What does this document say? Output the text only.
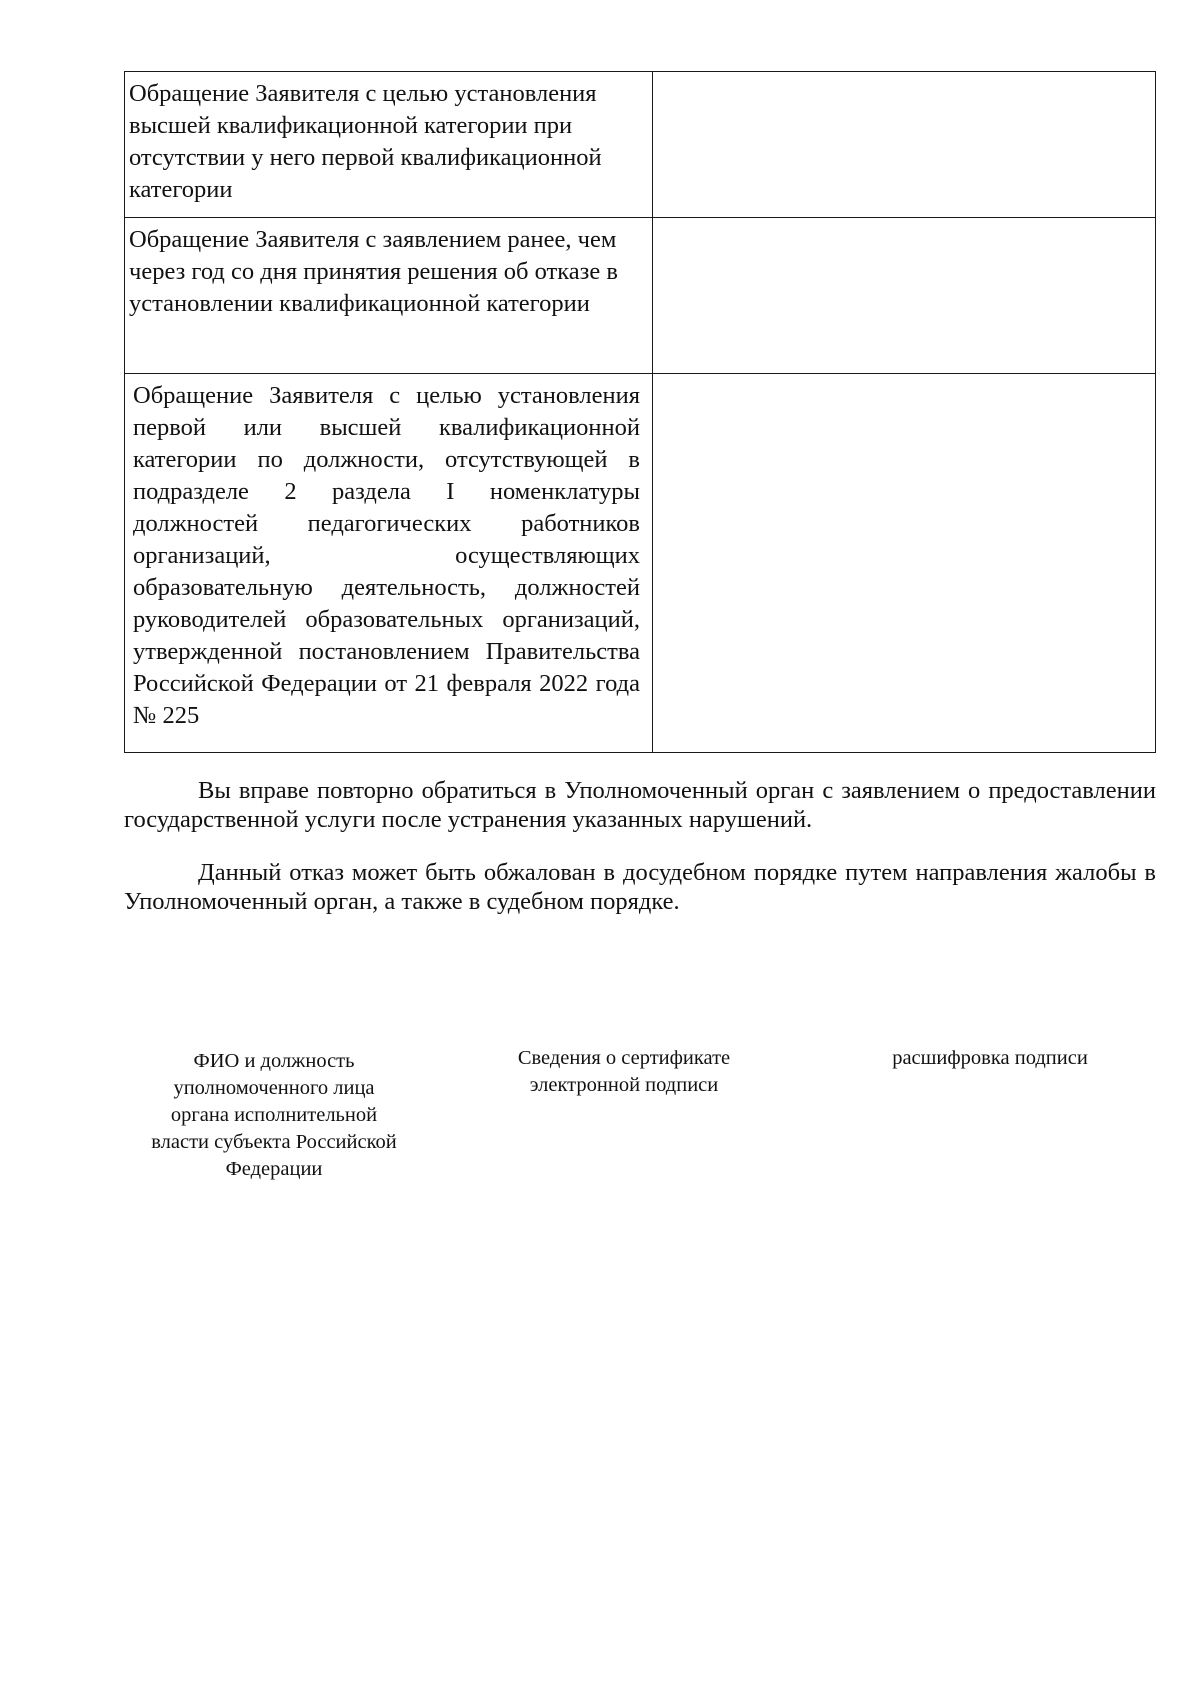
Обращение Заявителя с целью установления высшей квалификационной категории при отсутствии у него первой квалификационной категории	
Обращение Заявителя с заявлением ранее, чем через год со дня принятия решения об отказе в установлении квалификационной категории	
Обращение Заявителя с целью установления первой или высшей квалификационной категории по должности, отсутствующей в подразделе 2 раздела I номенклатуры должностей педагогических работников организаций, осуществляющих образовательную деятельность, должностей руководителей образовательных организаций, утвержденной постановлением Правительства Российской Федерации от 21 февраля 2022 года № 225	

Вы вправе повторно обратиться в Уполномоченный орган с заявлением о предоставлении государственной услуги после устранения указанных нарушений.

Данный отказ может быть обжалован в досудебном порядке путем направления жалобы в Уполномоченный орган, а также в судебном порядке.

ФИО и должность
уполномоченного лица
органа исполнительной
власти субъекта Российской
Федерации
Сведения о сертификате
электронной подписи
расшифровка подписи
